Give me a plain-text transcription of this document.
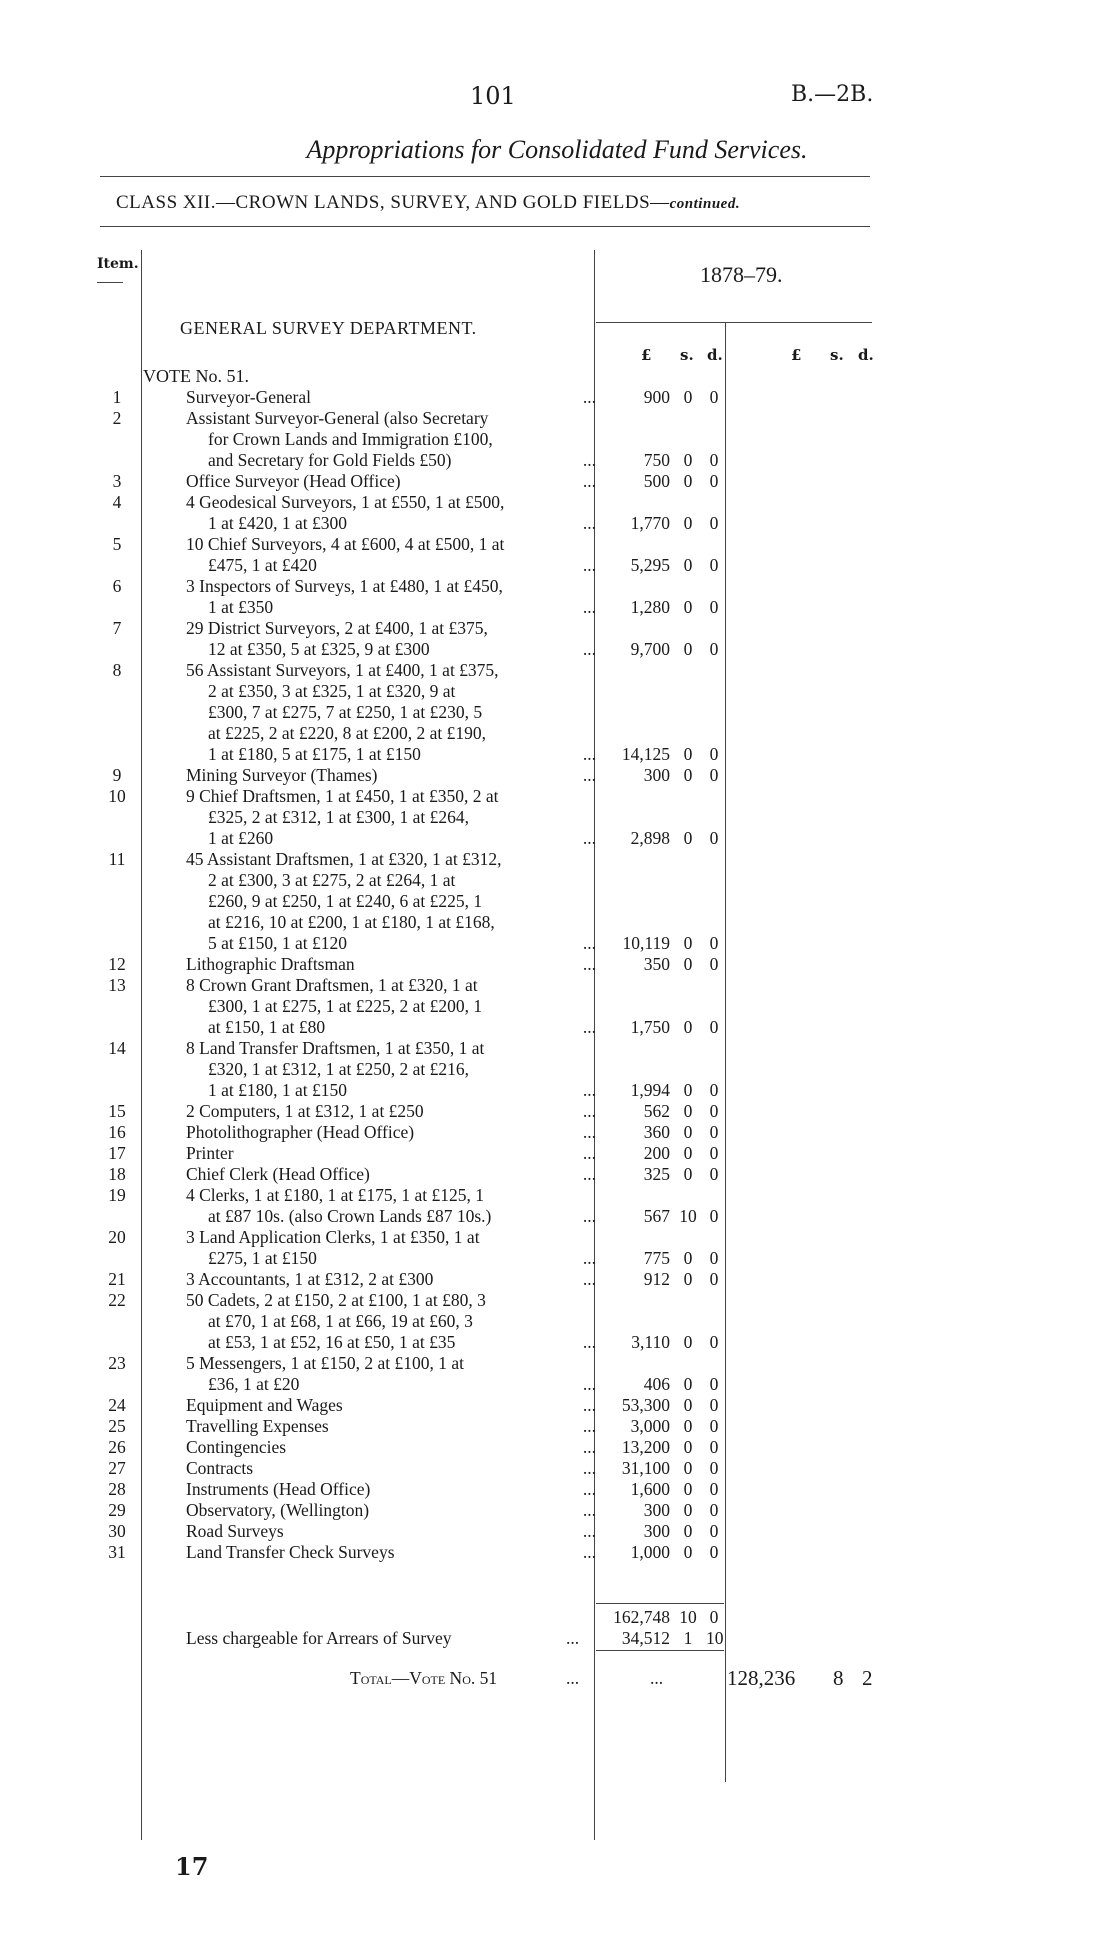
101	B.—2B.
Appropriations for Consolidated Fund Services.
CLASS XII.—CROWN LANDS, SURVEY, AND GOLD FIELDS—continued.
Item.	1878–79.
GENERAL SURVEY DEPARTMENT.
£ s. d.	£ s. d.
VOTE No. 51.
1	Surveyor-General	...	900 0 0
2	Assistant Surveyor-General (also Secretary
for Crown Lands and Immigration £100,
and Secretary for Gold Fields £50)	...	750 0 0
3	Office Surveyor (Head Office)	...	500 0 0
4	4 Geodesical Surveyors, 1 at £550, 1 at £500,
1 at £420, 1 at £300	...	1,770 0 0
5	10 Chief Surveyors, 4 at £600, 4 at £500, 1 at
£475, 1 at £420	...	5,295 0 0
6	3 Inspectors of Surveys, 1 at £480, 1 at £450,
1 at £350	...	1,280 0 0
7	29 District Surveyors, 2 at £400, 1 at £375,
12 at £350, 5 at £325, 9 at £300	...	9,700 0 0
8	56 Assistant Surveyors, 1 at £400, 1 at £375,
2 at £350, 3 at £325, 1 at £320, 9 at
£300, 7 at £275, 7 at £250, 1 at £230, 5
at £225, 2 at £220, 8 at £200, 2 at £190,
1 at £180, 5 at £175, 1 at £150	...	14,125 0 0
9	Mining Surveyor (Thames)	...	300 0 0
10	9 Chief Draftsmen, 1 at £450, 1 at £350, 2 at
£325, 2 at £312, 1 at £300, 1 at £264,
1 at £260	...	2,898 0 0
11	45 Assistant Draftsmen, 1 at £320, 1 at £312,
2 at £300, 3 at £275, 2 at £264, 1 at
£260, 9 at £250, 1 at £240, 6 at £225, 1
at £216, 10 at £200, 1 at £180, 1 at £168,
5 at £150, 1 at £120	...	10,119 0 0
12	Lithographic Draftsman	...	350 0 0
13	8 Crown Grant Draftsmen, 1 at £320, 1 at
£300, 1 at £275, 1 at £225, 2 at £200, 1
at £150, 1 at £80	...	1,750 0 0
14	8 Land Transfer Draftsmen, 1 at £350, 1 at
£320, 1 at £312, 1 at £250, 2 at £216,
1 at £180, 1 at £150	...	1,994 0 0
15	2 Computers, 1 at £312, 1 at £250	...	562 0 0
16	Photolithographer (Head Office)	...	360 0 0
17	Printer	...	200 0 0
18	Chief Clerk (Head Office)	...	325 0 0
19	4 Clerks, 1 at £180, 1 at £175, 1 at £125, 1
at £87 10s. (also Crown Lands £87 10s.)	...	567 10 0
20	3 Land Application Clerks, 1 at £350, 1 at
£275, 1 at £150	...	775 0 0
21	3 Accountants, 1 at £312, 2 at £300	...	912 0 0
22	50 Cadets, 2 at £150, 2 at £100, 1 at £80, 3
at £70, 1 at £68, 1 at £66, 19 at £60, 3
at £53, 1 at £52, 16 at £50, 1 at £35	...	3,110 0 0
23	5 Messengers, 1 at £150, 2 at £100, 1 at
£36, 1 at £20	...	406 0 0
24	Equipment and Wages	...	53,300 0 0
25	Travelling Expenses	...	3,000 0 0
26	Contingencies	...	13,200 0 0
27	Contracts	...	31,100 0 0
28	Instruments (Head Office)	...	1,600 0 0
29	Observatory, (Wellington)	...	300 0 0
30	Road Surveys	...	300 0 0
31	Land Transfer Check Surveys	...	1,000 0 0
162,748 10 0
Less chargeable for Arrears of Survey	...	34,512 1 10
Total—Vote No. 51	...	...	128,236 8 2
17
